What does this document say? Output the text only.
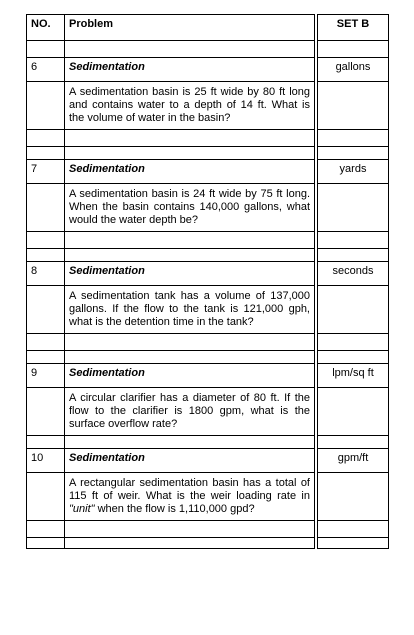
NO.	Problem		SET B

6	Sedimentation		gallons
	A sedimentation basin is 25 ft wide by 80 ft long and contains water to a depth of 14 ft. What is the volume of water in the basin?		

7	Sedimentation		yards
	A sedimentation basin is 24 ft wide by 75 ft long. When the basin contains 140,000 gallons, what would the water depth be?		

8	Sedimentation		seconds
	A sedimentation tank has a volume of 137,000 gallons. If the flow to the tank is 121,000 gph, what is the detention time in the tank?		

9	Sedimentation		lpm/sq ft
	A circular clarifier has a diameter of 80 ft. If the flow to the clarifier is 1800 gpm, what is the surface overflow rate?		

10	Sedimentation		gpm/ft
	A rectangular sedimentation basin has a total of 115 ft of weir. What is the weir loading rate in "unit" when the flow is 1,110,000 gpd?		
